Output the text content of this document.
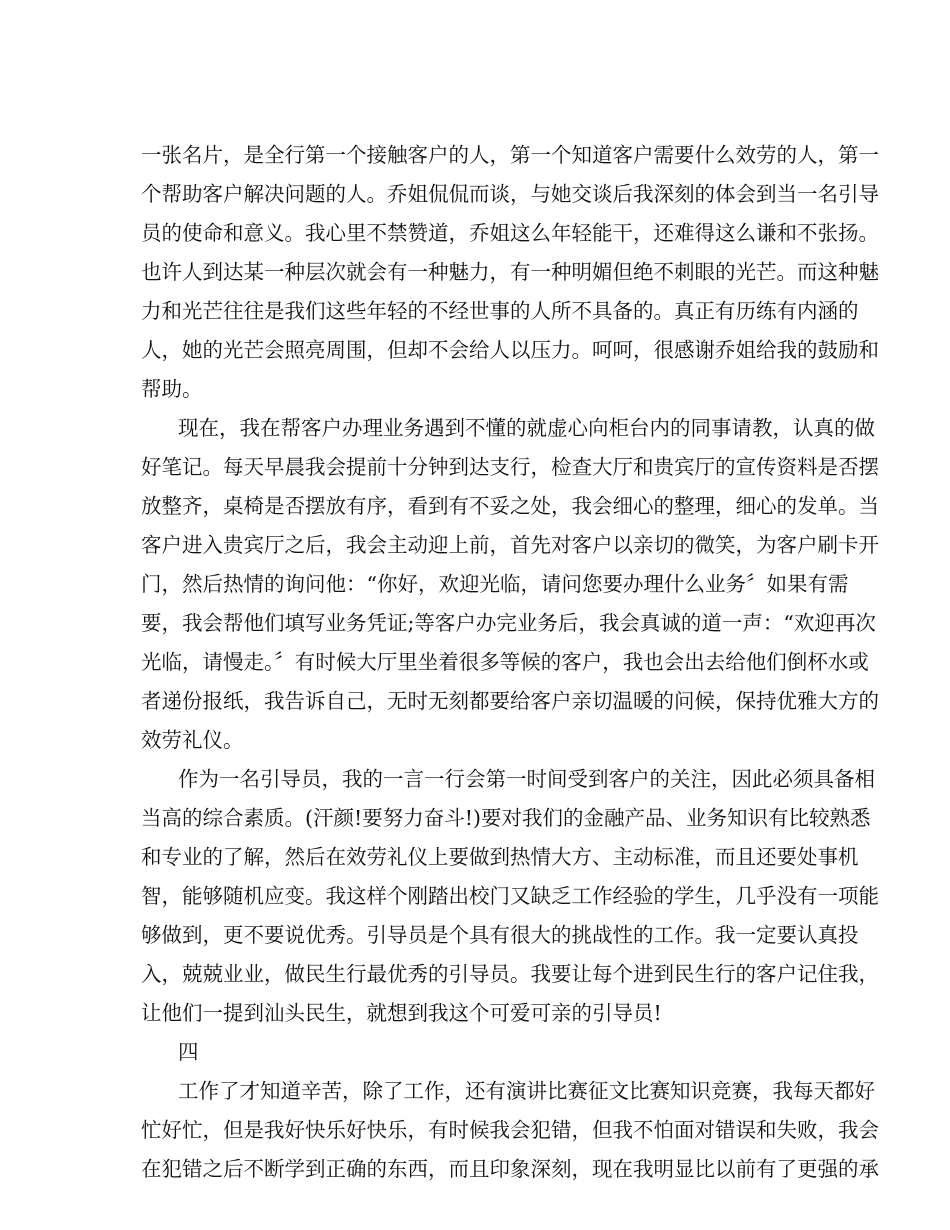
一张名片，是全行第一个接触客户的人，第一个知道客户需要什么效劳的人，第一
个帮助客户解决问题的人。乔姐侃侃而谈，与她交谈后我深刻的体会到当一名引导
员的使命和意义。我心里不禁赞道，乔姐这么年轻能干，还难得这么谦和不张扬。
也许人到达某一种层次就会有一种魅力，有一种明媚但绝不刺眼的光芒。而这种魅
力和光芒往往是我们这些年轻的不经世事的人所不具备的。真正有历练有内涵的
人，她的光芒会照亮周围，但却不会给人以压力。呵呵，很感谢乔姐给我的鼓励和
帮助。
现在，我在帮客户办理业务遇到不懂的就虚心向柜台内的同事请教，认真的做
好笔记。每天早晨我会提前十分钟到达支行，检查大厅和贵宾厅的宣传资料是否摆
放整齐，桌椅是否摆放有序，看到有不妥之处，我会细心的整理，细心的发单。当
客户进入贵宾厅之后，我会主动迎上前，首先对客户以亲切的微笑，为客户刷卡开
门，然后热情的询问他：“你好，欢迎光临，请问您要办理什么业务〞如果有需
要，我会帮他们填写业务凭证;等客户办完业务后，我会真诚的道一声：“欢迎再次
光临，请慢走。〞有时候大厅里坐着很多等候的客户，我也会出去给他们倒杯水或
者递份报纸，我告诉自己，无时无刻都要给客户亲切温暖的问候，保持优雅大方的
效劳礼仪。
作为一名引导员，我的一言一行会第一时间受到客户的关注，因此必须具备相
当高的综合素质。(汗颜!要努力奋斗!)要对我们的金融产品、业务知识有比较熟悉
和专业的了解，然后在效劳礼仪上要做到热情大方、主动标准，而且还要处事机
智，能够随机应变。我这样个刚踏出校门又缺乏工作经验的学生，几乎没有一项能
够做到，更不要说优秀。引导员是个具有很大的挑战性的工作。我一定要认真投
入，兢兢业业，做民生行最优秀的引导员。我要让每个进到民生行的客户记住我，
让他们一提到汕头民生，就想到我这个可爱可亲的引导员!
四
工作了才知道辛苦，除了工作，还有演讲比赛征文比赛知识竞赛，我每天都好
忙好忙，但是我好快乐好快乐，有时候我会犯错，但我不怕面对错误和失败，我会
在犯错之后不断学到正确的东西，而且印象深刻，现在我明显比以前有了更强的承
